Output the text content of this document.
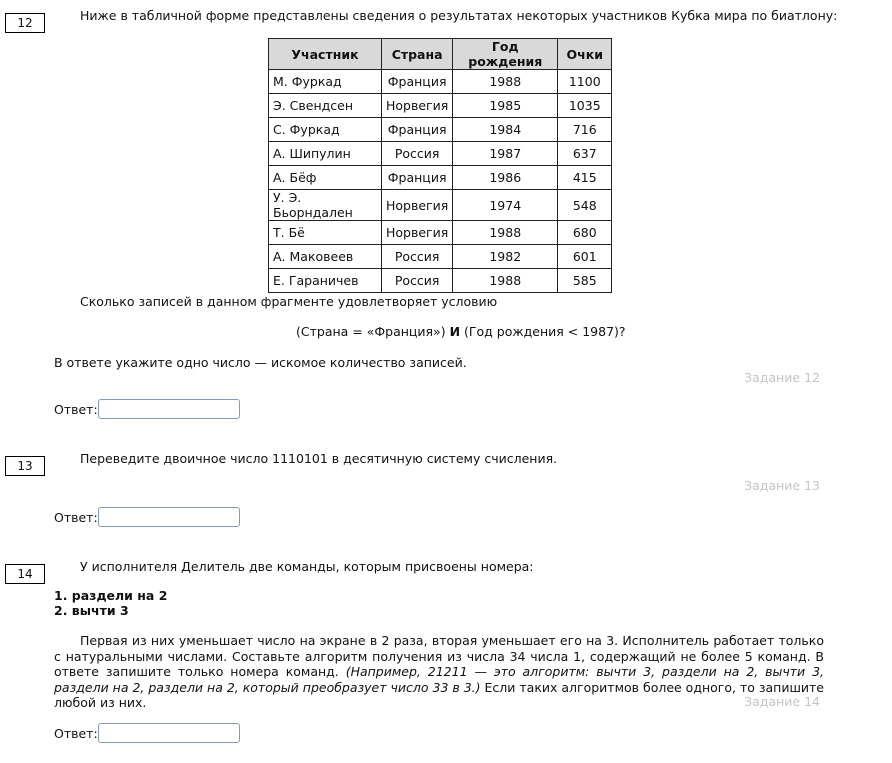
12	Ниже в табличной форме представлены сведения о результатах некоторых участников Кубка мира по биатлону:
Участник	Страна	Год рождения	Очки
М. Фуркад	Франция	1988	1100
Э. Свендсен	Норвегия	1985	1035
С. Фуркад	Франция	1984	716
А. Шипулин	Россия	1987	637
А. Бёф	Франция	1986	415
У. Э. Бьорндален	Норвегия	1974	548
Т. Бё	Норвегия	1988	680
А. Маковеев	Россия	1982	601
Е. Гараничев	Россия	1988	585
Сколько записей в данном фрагменте удовлетворяет условию
(Страна = «Франция») И (Год рождения < 1987)?
В ответе укажите одно число — искомое количество записей.
Задание 12
Ответ:
13	Переведите двоичное число 1110101 в десятичную систему счисления.
Задание 13
Ответ:
14	У исполнителя Делитель две команды, которым присвоены номера:
1. раздели на 2
2. вычти 3
Первая из них уменьшает число на экране в 2 раза, вторая уменьшает его на 3. Исполнитель работает только с натуральными числами. Составьте алгоритм получения из числа 34 числа 1, содержащий не более 5 команд. В ответе запишите только номера команд. (Например, 21211 — это алгоритм: вычти 3, раздели на 2, вычти 3, раздели на 2, раздели на 2, который преобразует число 33 в 3.) Если таких алгоритмов более одного, то запишите любой из них.	Задание 14
Ответ:
